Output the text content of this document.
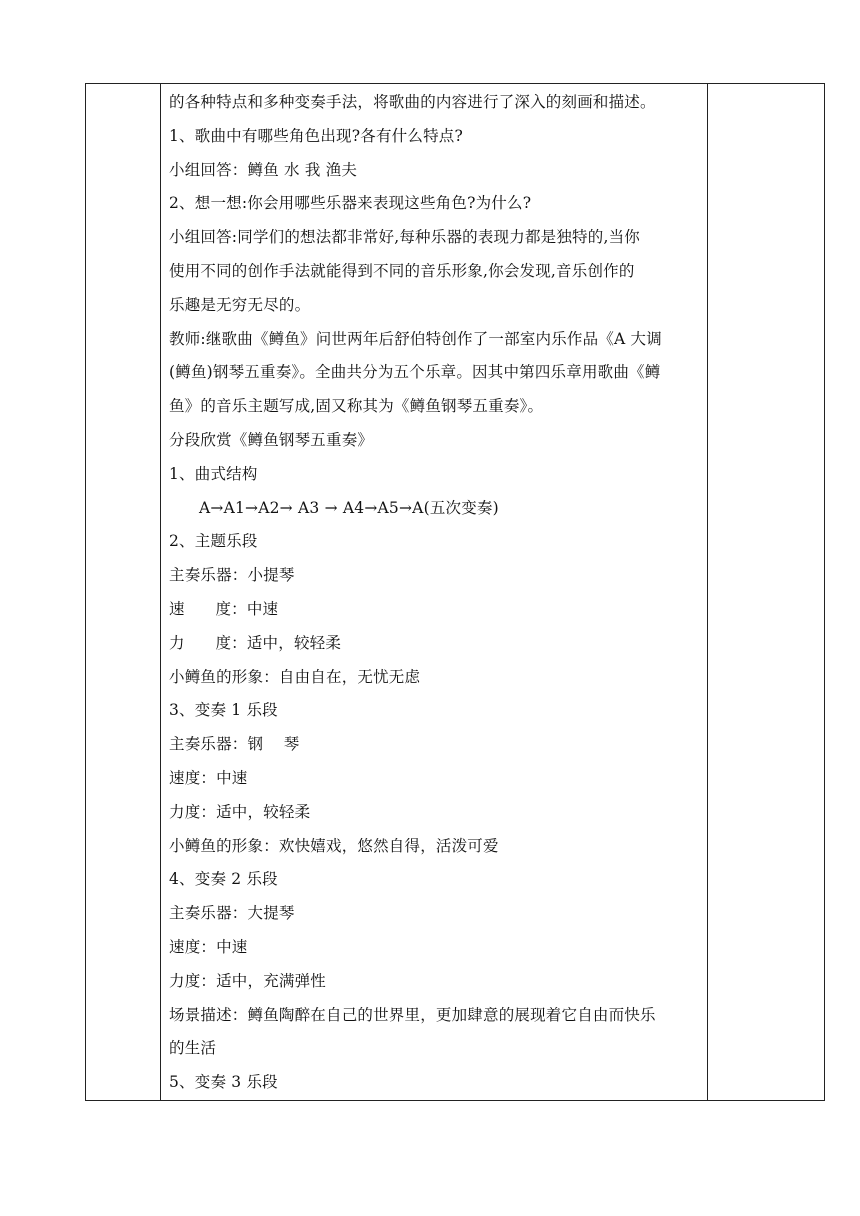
的各种特点和多种变奏手法，将歌曲的内容进行了深入的刻画和描述。

1、歌曲中有哪些角色出现?各有什么特点?

小组回答：鳟鱼 水 我 渔夫

2、想一想:你会用哪些乐器来表现这些角色?为什么?

小组回答:同学们的想法都非常好,每种乐器的表现力都是独特的,当你

使用不同的创作手法就能得到不同的音乐形象,你会发现,音乐创作的

乐趣是无穷无尽的。

教师:继歌曲《鳟鱼》问世两年后舒伯特创作了一部室内乐作品《A 大调

(鳟鱼)钢琴五重奏》。全曲共分为五个乐章。因其中第四乐章用歌曲《鳟

鱼》的音乐主题写成,固又称其为《鳟鱼钢琴五重奏》。

分段欣赏《鳟鱼钢琴五重奏》

1、曲式结构

A→A1→A2→ A3 → A4→A5→A(五次变奏)

2、主题乐段

主奏乐器：小提琴

速      度：中速

力      度：适中，较轻柔

小鳟鱼的形象：自由自在，无忧无虑

3、变奏 1 乐段

主奏乐器：钢    琴

速度：中速

力度：适中，较轻柔

小鳟鱼的形象：欢快嬉戏，悠然自得，活泼可爱

4、变奏 2 乐段

主奏乐器：大提琴

速度：中速

力度：适中，充满弹性

场景描述：鳟鱼陶醉在自己的世界里，更加肆意的展现着它自由而快乐

的生活

5、变奏 3 乐段
